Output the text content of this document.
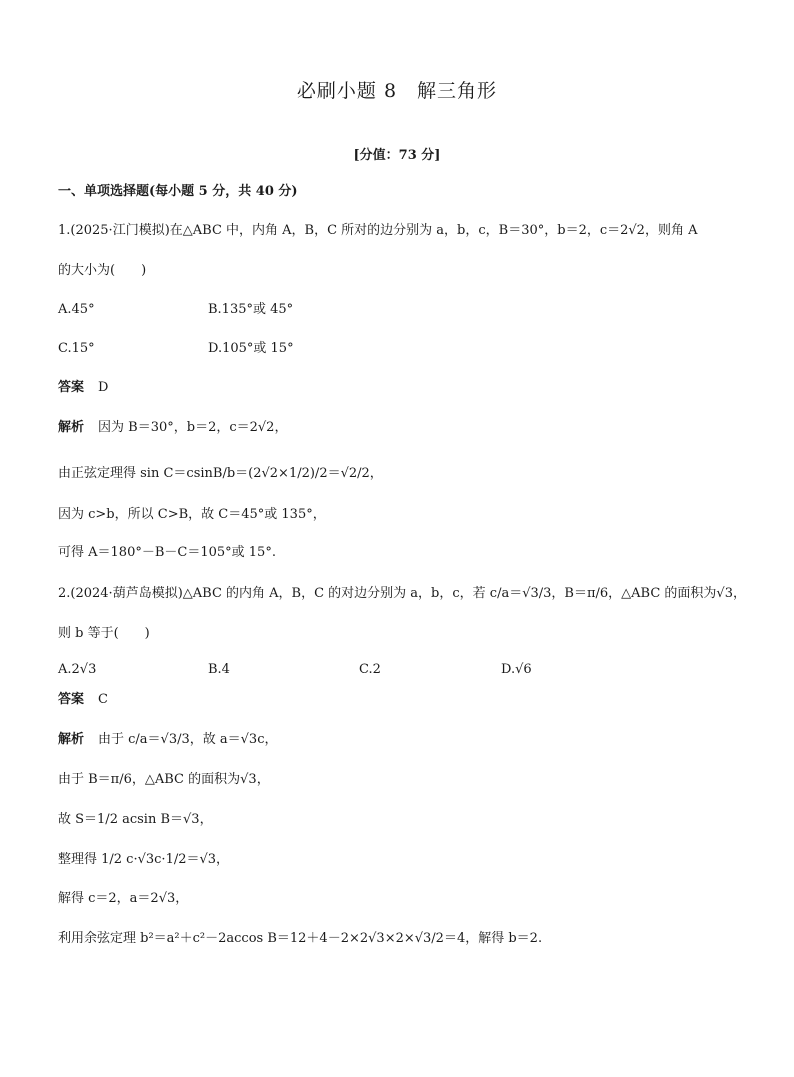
必刷小题 8　解三角形
[分值：73 分]
一、单项选择题(每小题 5 分，共 40 分)
1.(2025·江门模拟)在△ABC 中，内角 A，B，C 所对的边分别为 a，b，c，B＝30°，b＝2，c＝2√2，则角 A
的大小为(　　)
A.45°	B.135°或 45°
C.15°	D.105°或 15°
答案 D
解析 因为 B＝30°，b＝2，c＝2√2，
由正弦定理得 sin C＝csinB/b＝(2√2×1/2)/2＝√2/2，
因为 c>b，所以 C>B，故 C＝45°或 135°，
可得 A＝180°－B－C＝105°或 15°.
2.(2024·葫芦岛模拟)△ABC 的内角 A，B，C 的对边分别为 a，b，c，若 c/a＝√3/3，B＝π/6，△ABC 的面积为√3，
则 b 等于(　　)
A.2√3	B.4	C.2	D.√6
答案 C
解析 由于 c/a＝√3/3，故 a＝√3c，
由于 B＝π/6，△ABC 的面积为√3，
故 S＝1/2 acsin B＝√3，
整理得 1/2 c·√3c·1/2＝√3，
解得 c＝2，a＝2√3，
利用余弦定理 b²＝a²＋c²－2accos B＝12＋4－2×2√3×2×√3/2＝4，解得 b＝2.
